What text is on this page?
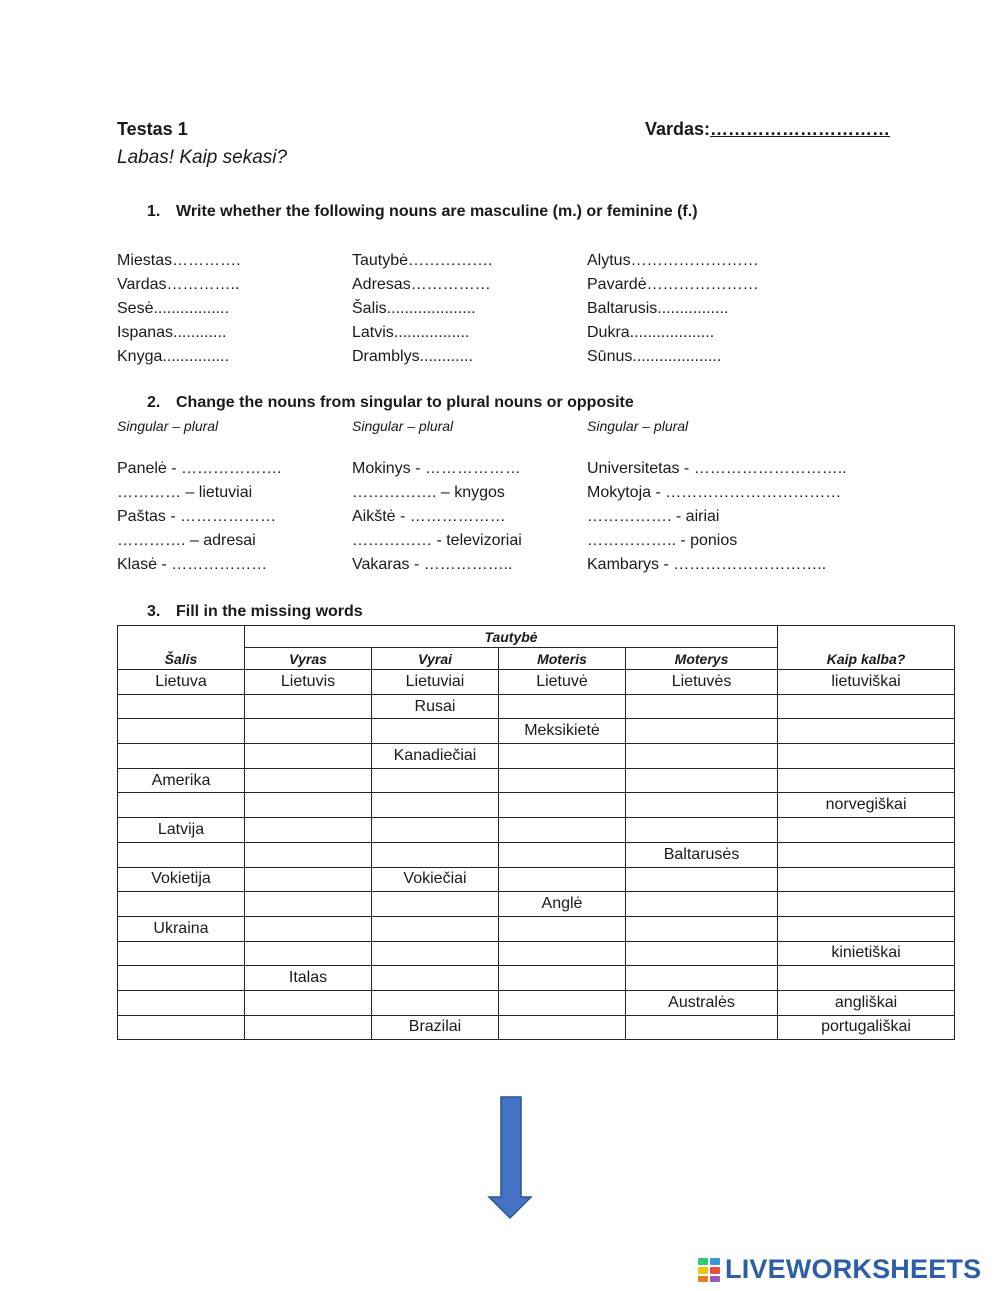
Testas 1	Vardas:…………………………
Labas! Kaip sekasi?
1. Write whether the following nouns are masculine (m.) or feminine (f.)
Miestas………….
Vardas…………..
Sesė.................
Ispanas............
Knyga...............
Tautybė…………….
Adresas……………
Šalis....................
Latvis.................
Dramblys............
Alytus……………………
Pavardė…………………
Baltarusis................
Dukra...................
Sūnus....................
2. Change the nouns from singular to plural nouns or opposite
Singular – plural	Singular – plural	Singular – plural
Panelė - ……………….
………… – lietuviai
Paštas - ………………
…………. – adresai
Klasė - ………………
Mokinys - ………………
……………. – knygos
Aikštė - ………………
…………… - televizoriai
Vakaras - ……………..
Universitetas - ………………………..
Mokytoja - ……………………………
……………. - airiai
…………….. - ponios
Kambarys - ………………………..
3. Fill in the missing words
Šalis	Tautybė				Kaip kalba?
	Vyras	Vyrai	Moteris	Moterys	
Lietuva	Lietuvis	Lietuviai	Lietuvė	Lietuvės	lietuviškai
		Rusai			
			Meksikietė		
		Kanadiečiai			
Amerika					
					norvegiškai
Latvija					
				Baltarusės	
Vokietija		Vokiečiai			
			Anglė		
Ukraina					
					kinietiškai
	Italas				
				Australės	angliškai
		Brazilai			portugališkai
LIVEWORKSHEETS
